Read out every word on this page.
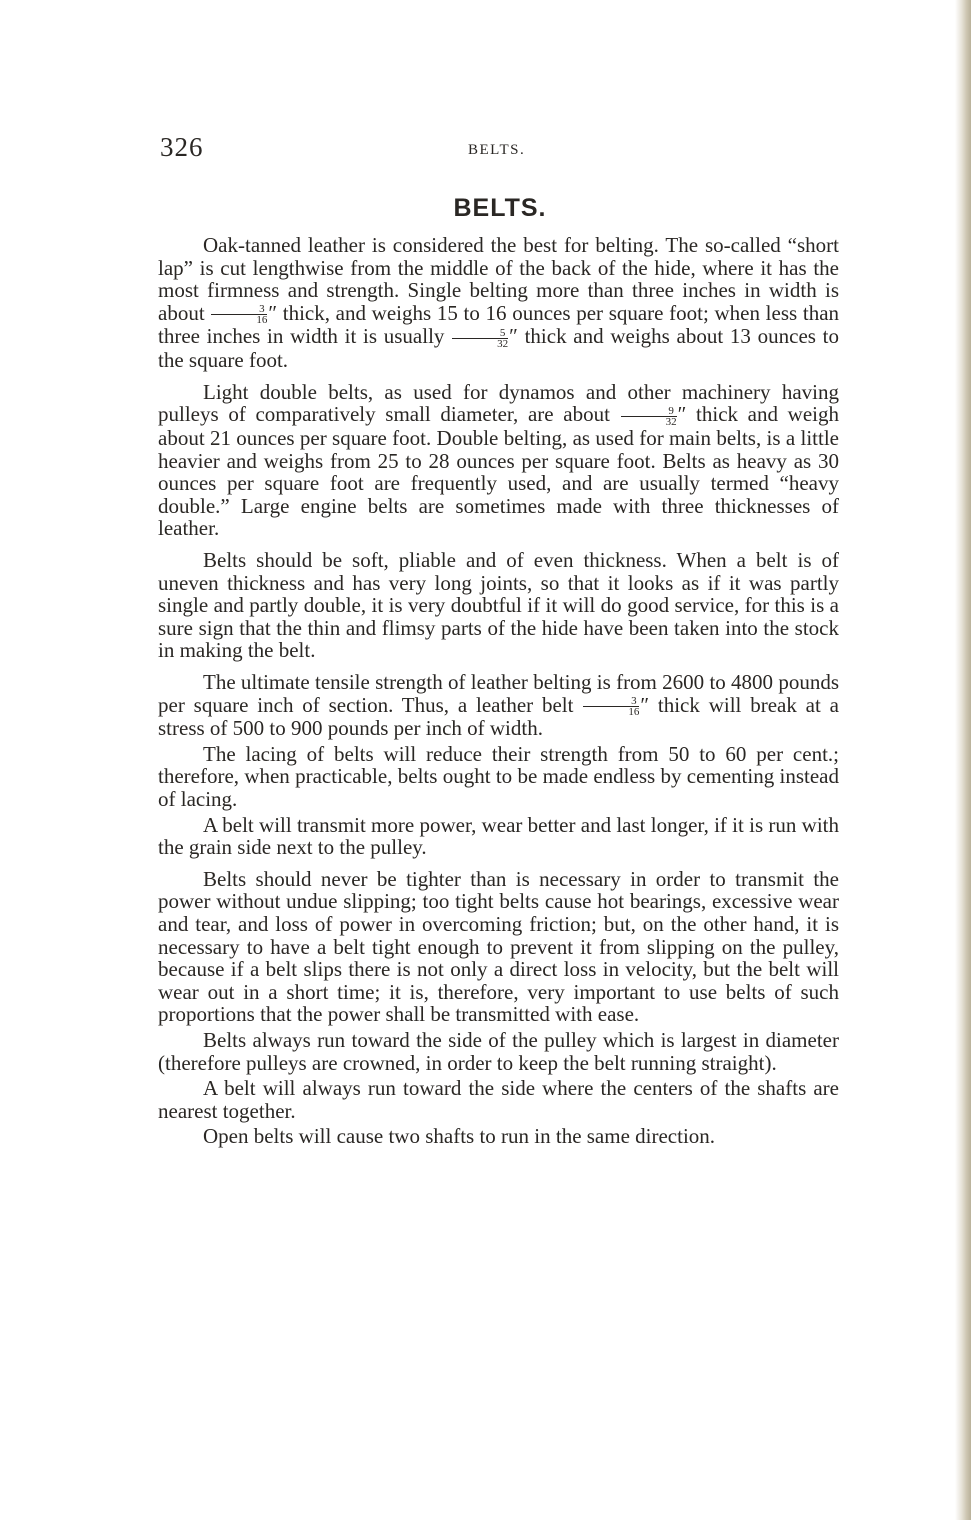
326	BELTS.
BELTS.

Oak-tanned leather is considered the best for belting. The so-called “short lap” is cut lengthwise from the middle of the back of the hide, where it has the most firmness and strength. Single belting more than three inches in width is about $\frac{3}{16}$ ″ thick, and weighs 15 to 16 ounces per square foot; when less than three inches in width it is usually $\frac{5}{32}$ ″ thick and weighs about 13 ounces to the square foot.

Light double belts, as used for dynamos and other machinery having pulleys of comparatively small diameter, are about $\frac{9}{32}$ ″ thick and weigh about 21 ounces per square foot. Double belting, as used for main belts, is a little heavier and weighs from 25 to 28 ounces per square foot. Belts as heavy as 30 ounces per square foot are frequently used, and are usually termed “heavy double.” Large engine belts are sometimes made with three thicknesses of leather.

Belts should be soft, pliable and of even thickness. When a belt is of uneven thickness and has very long joints, so that it looks as if it was partly single and partly double, it is very doubtful if it will do good service, for this is a sure sign that the thin and flimsy parts of the hide have been taken into the stock in making the belt.

The ultimate tensile strength of leather belting is from 2600 to 4800 pounds per square inch of section. Thus, a leather belt $\frac{3}{16}$ ″ thick will break at a stress of 500 to 900 pounds per inch of width.

The lacing of belts will reduce their strength from 50 to 60 per cent.; therefore, when practicable, belts ought to be made endless by cementing instead of lacing.

A belt will transmit more power, wear better and last longer, if it is run with the grain side next to the pulley.

Belts should never be tighter than is necessary in order to transmit the power without undue slipping; too tight belts cause hot bearings, excessive wear and tear, and loss of power in overcoming friction; but, on the other hand, it is necessary to have a belt tight enough to prevent it from slipping on the pulley, because if a belt slips there is not only a direct loss in velocity, but the belt will wear out in a short time; it is, therefore, very important to use belts of such proportions that the power shall be transmitted with ease.

Belts always run toward the side of the pulley which is largest in diameter (therefore pulleys are crowned, in order to keep the belt running straight).

A belt will always run toward the side where the centers of the shafts are nearest together.

Open belts will cause two shafts to run in the same direction.
